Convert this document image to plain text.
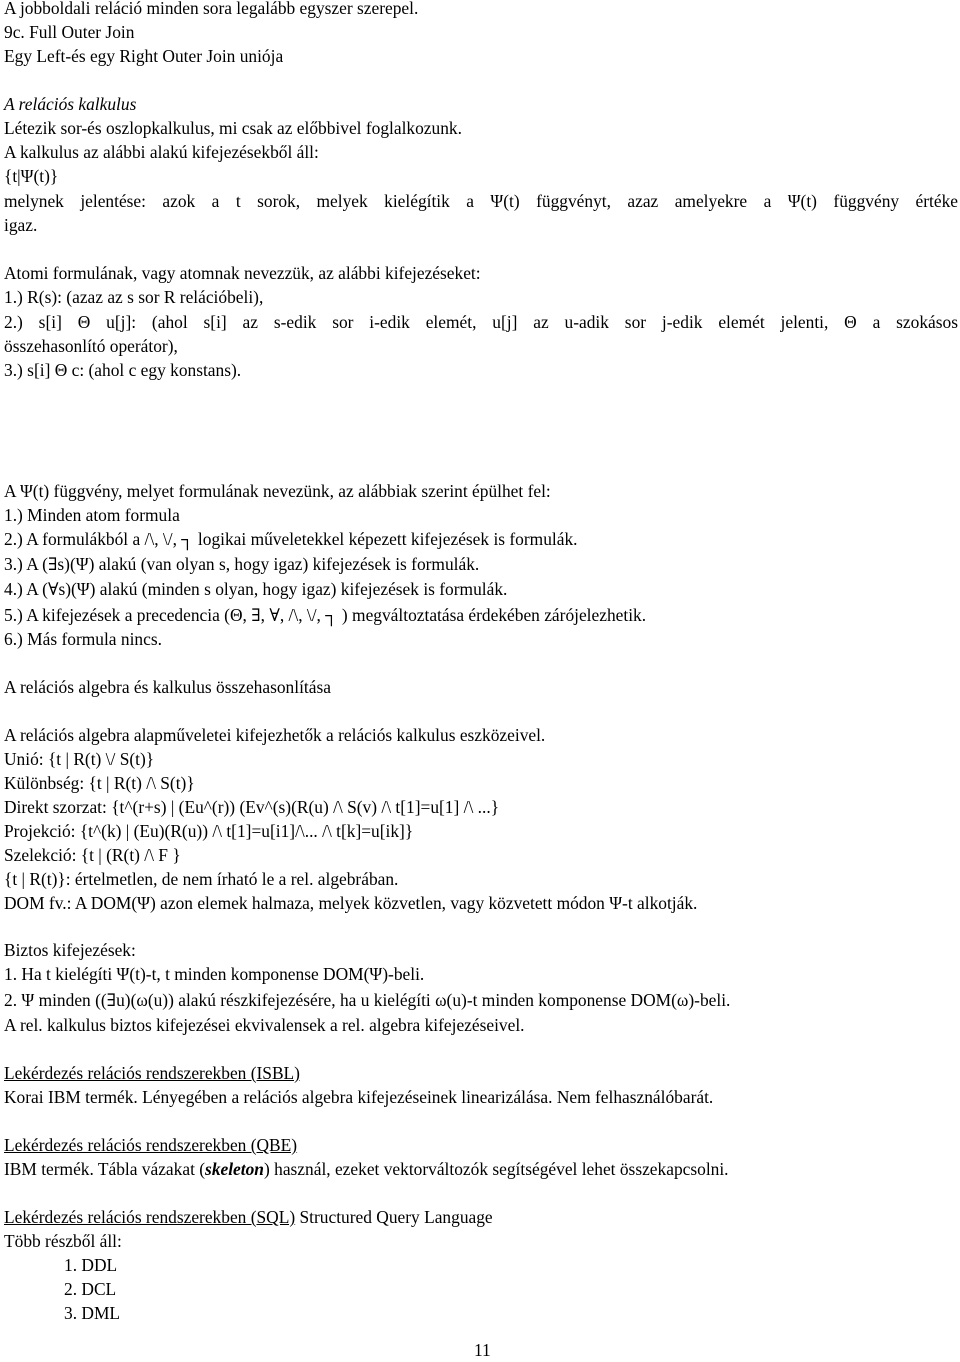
A jobboldali reláció minden sora legalább egyszer szerepel.
9c. Full Outer Join
Egy Left-és egy Right Outer Join uniója
A relációs kalkulus
Létezik sor-és oszlopkalkulus, mi csak az előbbivel foglalkozunk.
A kalkulus az alábbi alakú kifejezésekből áll:
{t|Ψ(t)}
melynek jelentése: azok a t sorok, melyek kielégítik a Ψ(t) függvényt, azaz amelyekre a Ψ(t) függvény értéke
igaz.
Atomi formulának, vagy atomnak nevezzük, az alábbi kifejezéseket:
1.) R(s): (azaz az s sor R relációbeli),
2.) s[i] Θ u[j]: (ahol s[i] az s-edik sor i-edik elemét, u[j] az u-adik sor j-edik elemét jelenti, Θ a szokásos
összehasonlító operátor),
3.) s[i] Θ c: (ahol c egy konstans).
A Ψ(t) függvény, melyet formulának nevezünk, az alábbiak szerint épülhet fel:
1.) Minden atom formula
2.) A formulákból a /\, \/, ┐ logikai műveletekkel képezett kifejezések is formulák.
3.) A (∃s)(Ψ) alakú (van olyan s, hogy igaz) kifejezések is formulák.
4.) A (∀s)(Ψ) alakú (minden s olyan, hogy igaz) kifejezések is formulák.
5.) A kifejezések a precedencia (Θ, ∃, ∀, /\, \/, ┐ ) megváltoztatása érdekében zárójelezhetik.
6.) Más formula nincs.
A relációs algebra és kalkulus összehasonlítása
A relációs algebra alapműveletei kifejezhetők a relációs kalkulus eszközeivel.
Unió: {t | R(t) \/ S(t)}
Különbség: {t | R(t) /\ S(t)}
Direkt szorzat: {t^(r+s) | (Eu^(r)) (Ev^(s)(R(u) /\ S(v) /\ t[1]=u[1] /\ ...}
Projekció: {t^(k) | (Eu)(R(u)) /\ t[1]=u[i1]/\... /\ t[k]=u[ik]}
Szelekció: {t | (R(t) /\ F }
{t | R(t)}: értelmetlen, de nem írható le a rel. algebrában.
DOM fv.: A DOM(Ψ) azon elemek halmaza, melyek közvetlen, vagy közvetett módon Ψ-t alkotják.
Biztos kifejezések:
1. Ha t kielégíti Ψ(t)-t, t minden komponense DOM(Ψ)-beli.
2. Ψ minden ((∃u)(ω(u)) alakú részkifejezésére, ha u kielégíti ω(u)-t minden komponense DOM(ω)-beli.
A rel. kalkulus biztos kifejezései ekvivalensek a rel. algebra kifejezéseivel.
Lekérdezés relációs rendszerekben (ISBL)
Korai IBM termék. Lényegében a relációs algebra kifejezéseinek linearizálása. Nem felhasználóbarát.
Lekérdezés relációs rendszerekben (QBE)
IBM termék. Tábla vázakat (skeleton) használ, ezeket vektorváltozók segítségével lehet összekapcsolni.
Lekérdezés relációs rendszerekben (SQL) Structured Query Language
Több részből áll:
1. DDL
2. DCL
3. DML
11
